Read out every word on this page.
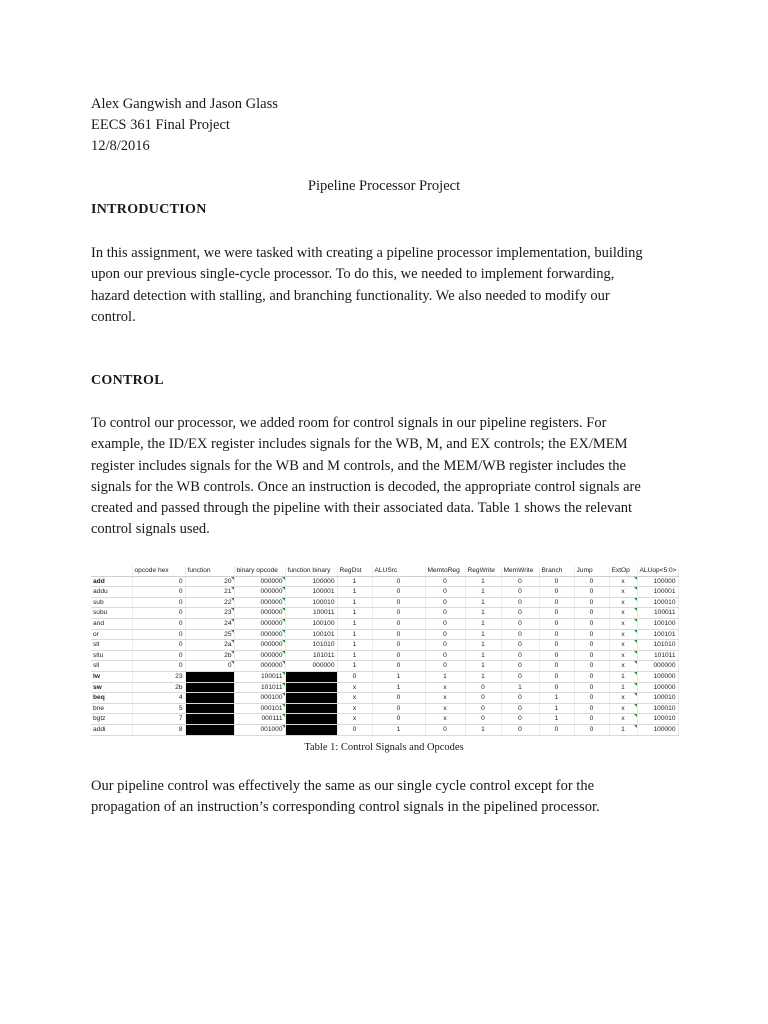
Alex Gangwish and Jason Glass
EECS 361 Final Project
12/8/2016
Pipeline Processor Project
INTRODUCTION
In this assignment, we were tasked with creating a pipeline processor implementation, building
upon our previous single-cycle processor. To do this, we needed to implement forwarding,
hazard detection with stalling, and branching functionality. We also needed to modify our
control.
CONTROL
To control our processor, we added room for control signals in our pipeline registers. For
example, the ID/EX register includes signals for the WB, M, and EX controls; the EX/MEM
register includes signals for the WB and M controls, and the MEM/WB register includes the
signals for the WB controls. Once an instruction is decoded, the appropriate control signals are
created and passed through the pipeline with their associated data. Table 1 shows the relevant
control signals used.
	opcode hex	function	binary opcode	function binary	RegDst	ALUSrc	MemtoReg	RegWrite	MemWrite	Branch	Jump	ExtOp	ALUop<5:0>
add	0	20	000000	100000	1	0	0	1	0	0	0	x	100000
addu	0	21	000000	100001	1	0	0	1	0	0	0	x	100001
sub	0	22	000000	100010	1	0	0	1	0	0	0	x	100010
subu	0	23	000000	100011	1	0	0	1	0	0	0	x	100011
and	0	24	000000	100100	1	0	0	1	0	0	0	x	100100
or	0	25	000000	100101	1	0	0	1	0	0	0	x	100101
slt	0	2a	000000	101010	1	0	0	1	0	0	0	x	101010
sltu	0	2b	000000	101011	1	0	0	1	0	0	0	x	101011
sll	0	0	000000	000000	1	0	0	1	0	0	0	x	000000
lw	23		100011		0	1	1	1	0	0	0	1	100000
sw	2b		101011		x	1	x	0	1	0	0	1	100000
beq	4		000100		x	0	x	0	0	1	0	x	100010
bne	5		000101		x	0	x	0	0	1	0	x	100010
bgtz	7		000111		x	0	x	0	0	1	0	x	100010
addi	8		001000		0	1	0	1	0	0	0	1	100000
Table 1: Control Signals and Opcodes
Our pipeline control was effectively the same as our single cycle control except for the
propagation of an instruction’s corresponding control signals in the pipelined processor.
